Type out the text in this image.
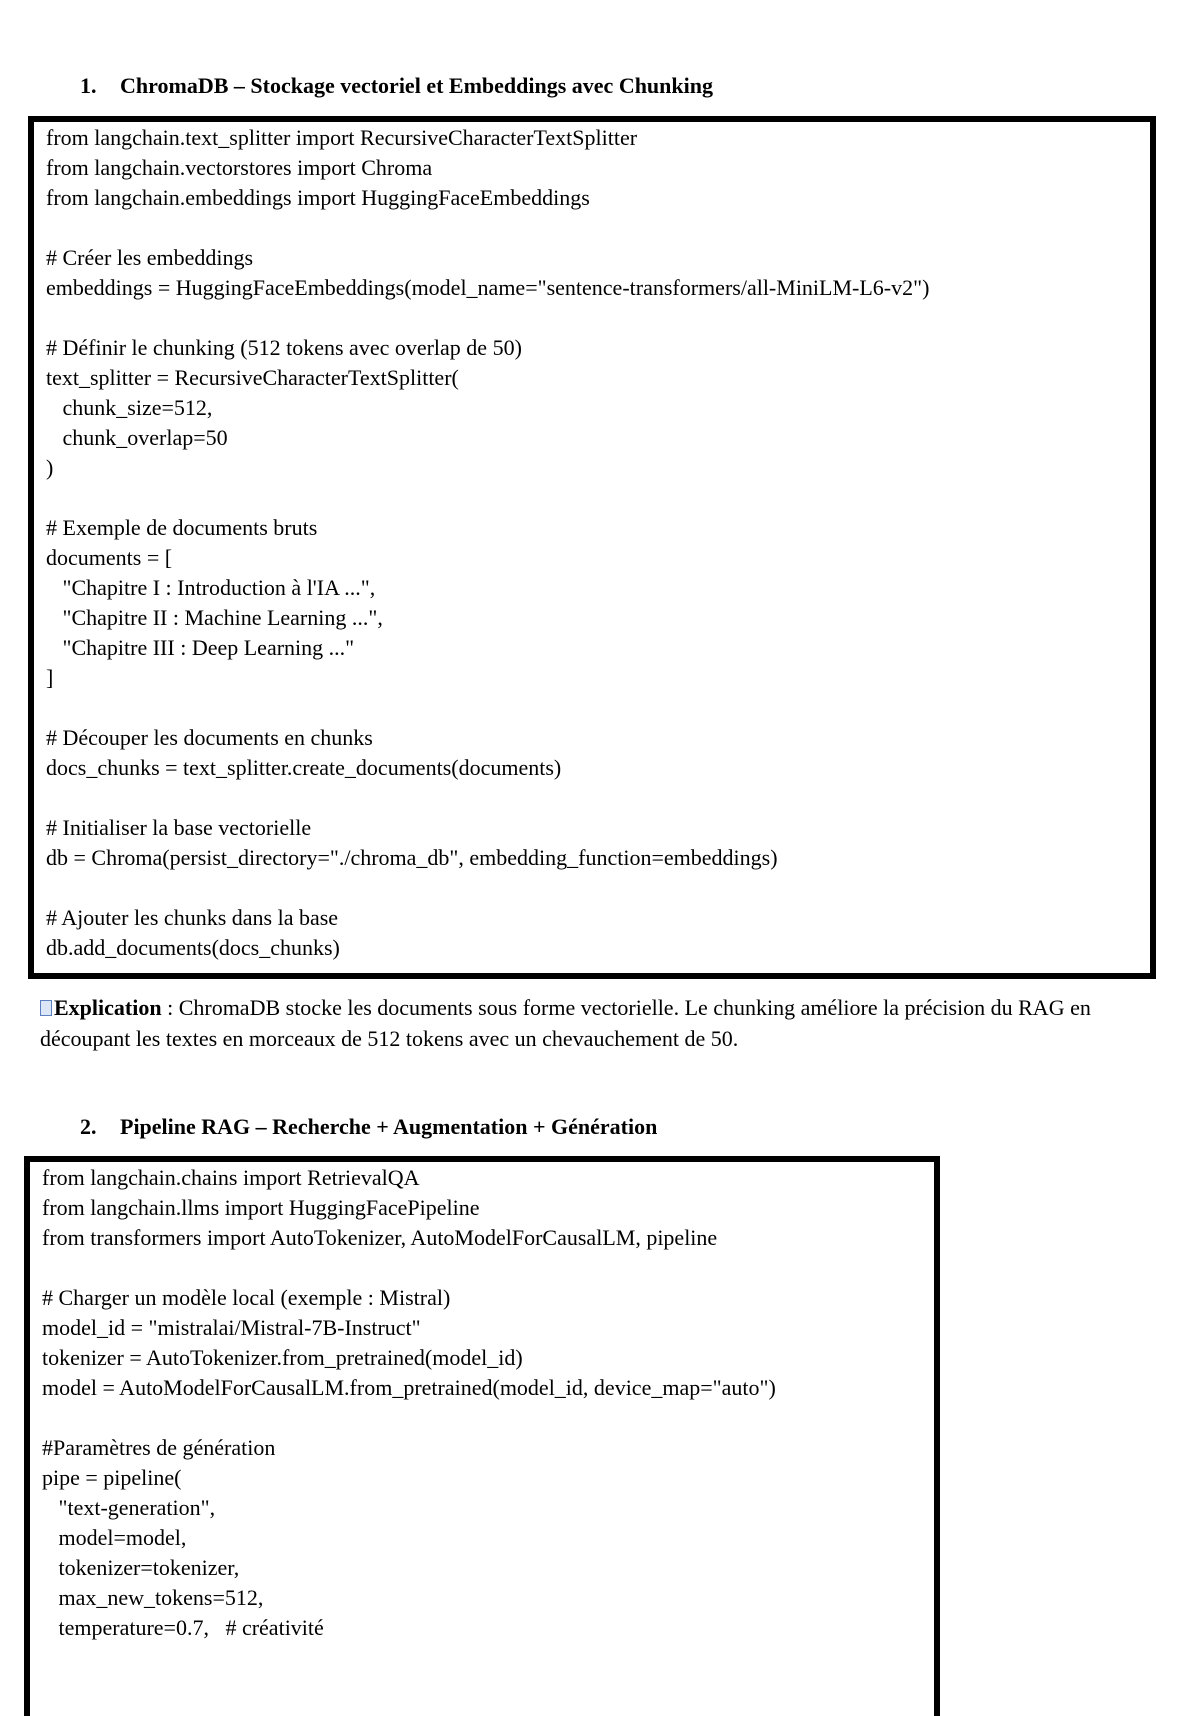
1. ChromaDB – Stockage vectoriel et Embeddings avec Chunking
from langchain.text_splitter import RecursiveCharacterTextSplitter
from langchain.vectorstores import Chroma
from langchain.embeddings import HuggingFaceEmbeddings
# Créer les embeddings
embeddings = HuggingFaceEmbeddings(model_name="sentence-transformers/all-MiniLM-L6-v2")
# Définir le chunking (512 tokens avec overlap de 50)
text_splitter = RecursiveCharacterTextSplitter(
chunk_size=512,
chunk_overlap=50
)
# Exemple de documents bruts
documents = [
"Chapitre I : Introduction à l'IA ...",
"Chapitre II : Machine Learning ...",
"Chapitre III : Deep Learning ..."
]
# Découper les documents en chunks
docs_chunks = text_splitter.create_documents(documents)
# Initialiser la base vectorielle
db = Chroma(persist_directory="./chroma_db", embedding_function=embeddings)
# Ajouter les chunks dans la base
db.add_documents(docs_chunks)
Explication : ChromaDB stocke les documents sous forme vectorielle. Le chunking améliore la précision du RAG en découpant les textes en morceaux de 512 tokens avec un chevauchement de 50.
2. Pipeline RAG – Recherche + Augmentation + Génération
from langchain.chains import RetrievalQA
from langchain.llms import HuggingFacePipeline
from transformers import AutoTokenizer, AutoModelForCausalLM, pipeline
# Charger un modèle local (exemple : Mistral)
model_id = "mistralai/Mistral-7B-Instruct"
tokenizer = AutoTokenizer.from_pretrained(model_id)
model = AutoModelForCausalLM.from_pretrained(model_id, device_map="auto")
#Paramètres de génération
pipe = pipeline(
"text-generation",
model=model,
tokenizer=tokenizer,
max_new_tokens=512,
temperature=0.7,   # créativité
